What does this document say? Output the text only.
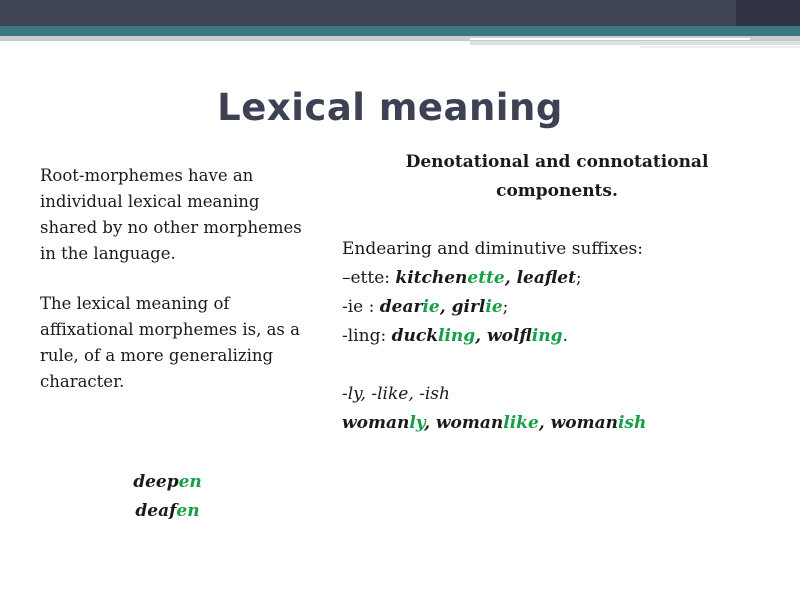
Lexical meaning

Root-morphemes have an individual lexical meaning shared by no other morphemes in the language.

The lexical meaning of affixational morphemes is, as a rule, of a more generalizing character.

deepen
deafen
Denotational and connotational components.
Endearing and diminutive suffixes:
–ette: kitchenette, leaflet;
-ie : dearie, girlie;
-ling: duckling, wolfling.
-ly, -like, -ish
womanly, womanlike, womanish
